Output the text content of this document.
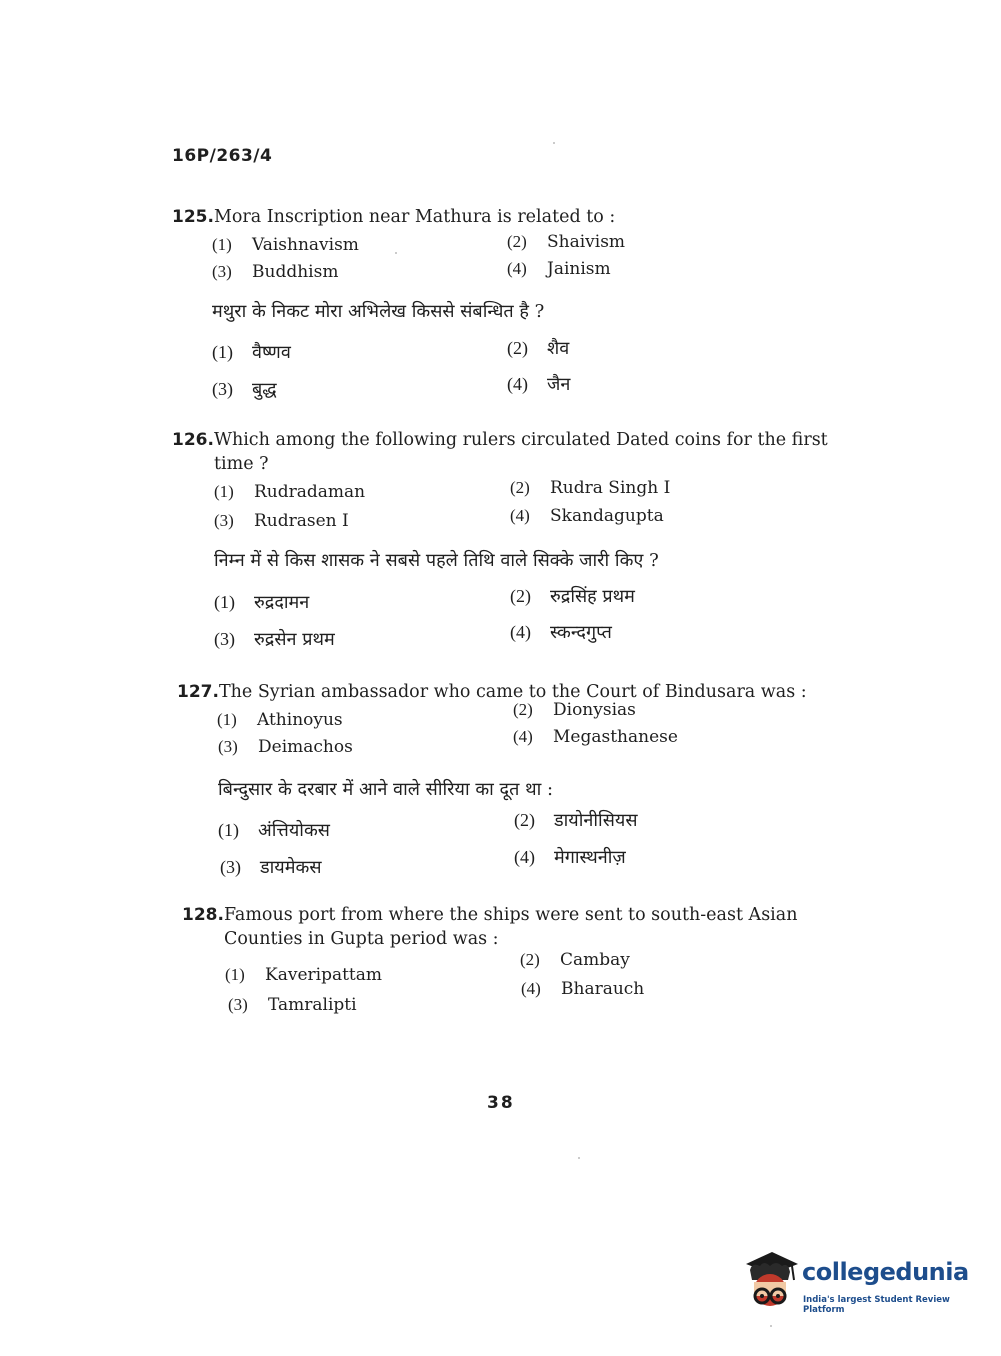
16P/263/4
125.Mora Inscription near Mathura is related to :
(1) Vaishnavism	(2) Shaivism
(3) Buddhism	(4) Jainism
मथुरा के निकट मोरा अभिलेख किससे संबन्धित है ?
(1) वैष्णव	(2) शैव
(3) बुद्ध	(4) जैन
126.Which among the following rulers circulated Dated coins for the first
time ?
(1) Rudradaman	(2) Rudra Singh I
(3) Rudrasen I	(4) Skandagupta
निम्न में से किस शासक ने सबसे पहले तिथि वाले सिक्के जारी किए ?
(1) रुद्रदामन	(2) रुद्रसिंह प्रथम
(3) रुद्रसेन प्रथम	(4) स्कन्दगुप्त
127.The Syrian ambassador who came to the Court of Bindusara was :
(1) Athinoyus
(2) Dionysias
(3) Deimachos
(4) Megasthanese
बिन्दुसार के दरबार में आने वाले सीरिया का दूत था :
(1) अंत्तियोकस	(2) डायोनीसियस
(3) डायमेकस	(4) मेगास्थनीज़
128.Famous port from where the ships were sent to south-east Asian
Counties in Gupta period was :
(1) Kaveripattam
(2) Cambay
(3) Tamralipti
(4) Bharauch
38
collegedunia
India's largest Student Review Platform
